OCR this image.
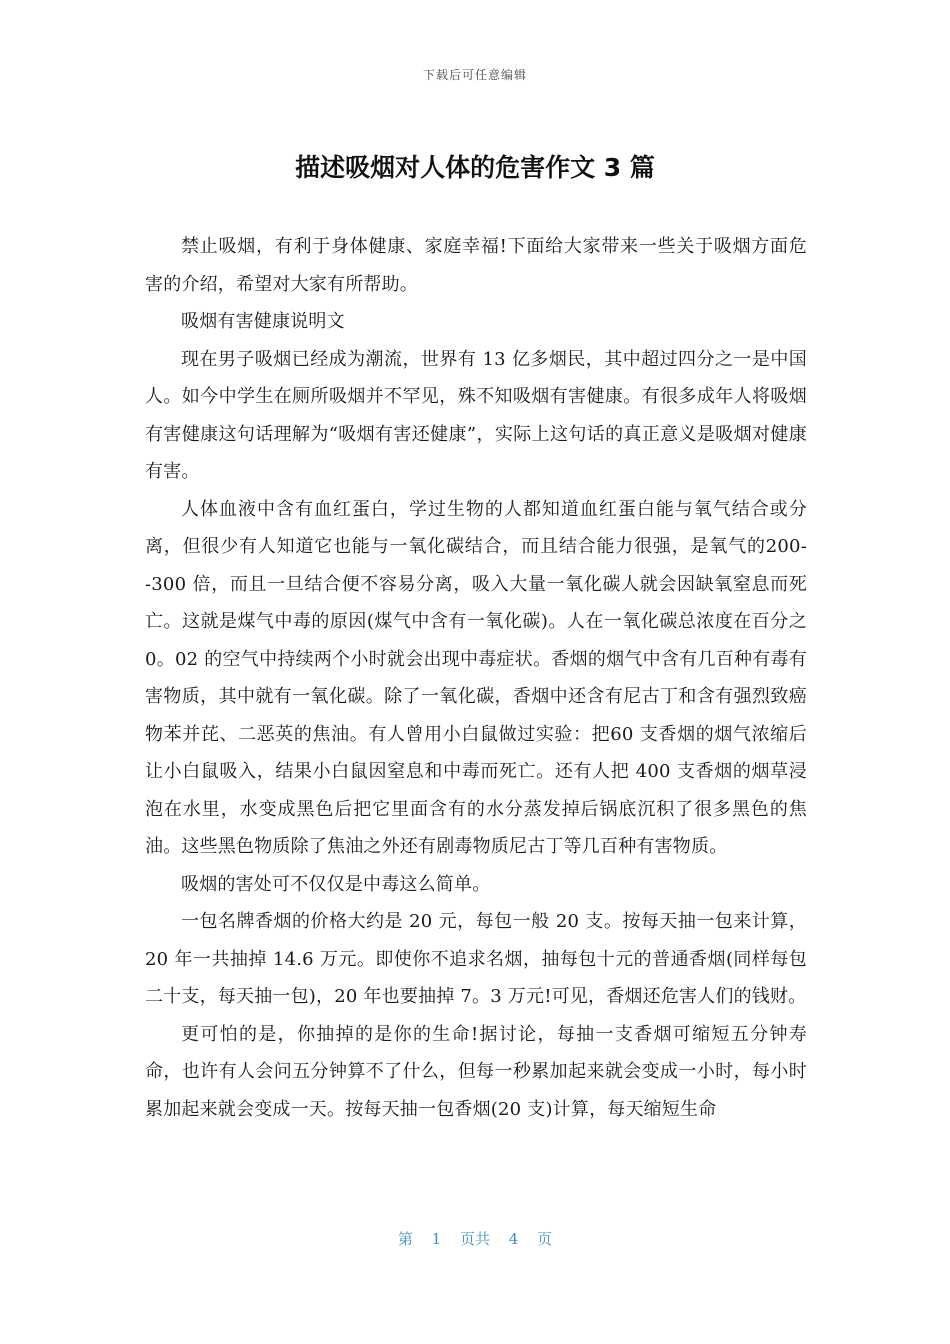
下载后可任意编辑
描述吸烟对人体的危害作文 3 篇

禁止吸烟，有利于身体健康、家庭幸福!下面给大家带来一些关于吸烟方面危害的介绍，希望对大家有所帮助。

吸烟有害健康说明文

现在男子吸烟已经成为潮流，世界有 13 亿多烟民，其中超过四分之一是中国人。如今中学生在厕所吸烟并不罕见，殊不知吸烟有害健康。有很多成年人将吸烟有害健康这句话理解为“吸烟有害还健康”，实际上这句话的真正意义是吸烟对健康有害。

人体血液中含有血红蛋白，学过生物的人都知道血红蛋白能与氧气结合或分离，但很少有人知道它也能与一氧化碳结合，而且结合能力很强，是氧气的200--300 倍，而且一旦结合便不容易分离，吸入大量一氧化碳人就会因缺氧窒息而死亡。这就是煤气中毒的原因(煤气中含有一氧化碳)。人在一氧化碳总浓度在百分之 0。02 的空气中持续两个小时就会出现中毒症状。香烟的烟气中含有几百种有毒有害物质，其中就有一氧化碳。除了一氧化碳，香烟中还含有尼古丁和含有强烈致癌物苯并芘、二恶英的焦油。有人曾用小白鼠做过实验：把60 支香烟的烟气浓缩后让小白鼠吸入，结果小白鼠因窒息和中毒而死亡。还有人把 400 支香烟的烟草浸泡在水里，水变成黑色后把它里面含有的水分蒸发掉后锅底沉积了很多黑色的焦油。这些黑色物质除了焦油之外还有剧毒物质尼古丁等几百种有害物质。

吸烟的害处可不仅仅是中毒这么简单。

一包名牌香烟的价格大约是 20 元，每包一般 20 支。按每天抽一包来计算，20 年一共抽掉 14.6 万元。即使你不追求名烟，抽每包十元的普通香烟(同样每包二十支，每天抽一包)，20 年也要抽掉 7。3 万元!可见，香烟还危害人们的钱财。

更可怕的是，你抽掉的是你的生命!据讨论，每抽一支香烟可缩短五分钟寿命，也许有人会问五分钟算不了什么，但每一秒累加起来就会变成一小时，每小时累加起来就会变成一天。按每天抽一包香烟(20 支)计算，每天缩短生命

第 1 页共 4 页
